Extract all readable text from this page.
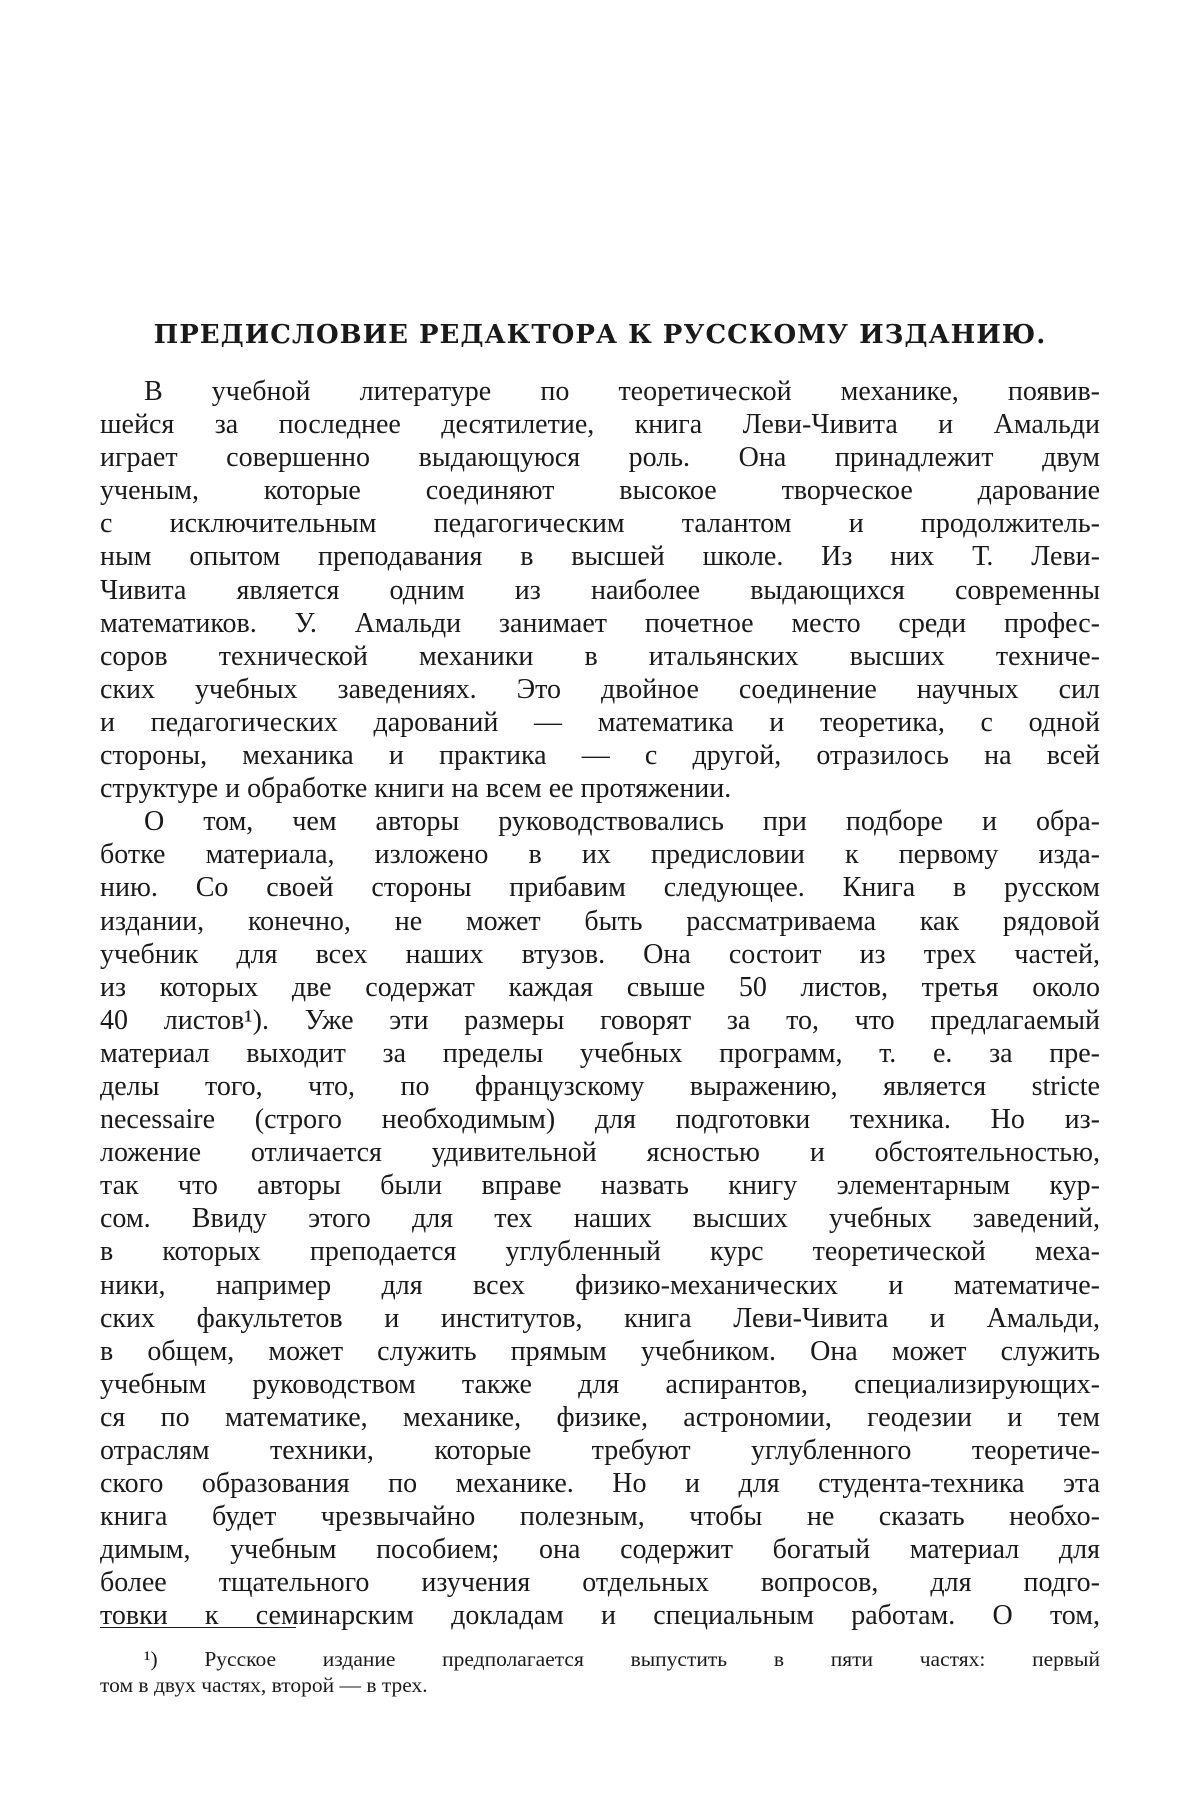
ПРЕДИСЛОВИЕ РЕДАКТОРА К РУССКОМУ ИЗДАНИЮ.
В учебной литературе по теоретической механике, появив-
шейся за последнее десятилетие, книга Леви-Чивита и Амальди
играет совершенно выдающуюся роль. Она принадлежит двум
ученым, которые соединяют высокое творческое дарование
с исключительным педагогическим талантом и продолжитель-
ным опытом преподавания в высшей школе. Из них Т. Леви-
Чивита является одним из наиболее выдающихся современны
математиков. У. Амальди занимает почетное место среди профес-
соров технической механики в итальянских высших техниче-
ских учебных заведениях. Это двойное соединение научных сил
и педагогических дарований — математика и теоретика, с одной
стороны, механика и практика — с другой, отразилось на всей
структуре и обработке книги на всем ее протяжении.
О том, чем авторы руководствовались при подборе и обра-
ботке материала, изложено в их предисловии к первому изда-
нию. Со своей стороны прибавим следующее. Книга в русском
издании, конечно, не может быть рассматриваема как рядовой
учебник для всех наших втузов. Она состоит из трех частей,
из которых две содержат каждая свыше 50 листов, третья около
40 листов¹). Уже эти размеры говорят за то, что предлагаемый
материал выходит за пределы учебных программ, т. е. за пре-
делы того, что, по французскому выражению, является stricte
necessaire (строго необходимым) для подготовки техника. Но из-
ложение отличается удивительной ясностью и обстоятельностью,
так что авторы были вправе назвать книгу элементарным кур-
сом. Ввиду этого для тех наших высших учебных заведений,
в которых преподается углубленный курс теоретической меха-
ники, например для всех физико-механических и математиче-
ских факультетов и институтов, книга Леви-Чивита и Амальди,
в общем, может служить прямым учебником. Она может служить
учебным руководством также для аспирантов, специализирующих-
ся по математике, механике, физике, астрономии, геодезии и тем
отраслям техники, которые требуют углубленного теоретиче-
ского образования по механике. Но и для студента-техника эта
книга будет чрезвычайно полезным, чтобы не сказать необхо-
димым, учебным пособием; она содержит богатый материал для
более тщательного изучения отдельных вопросов, для подго-
товки к семинарским докладам и специальным работам. О том,
¹) Русское издание предполагается выпустить в пяти частях: первый
том в двух частях, второй — в трех.
